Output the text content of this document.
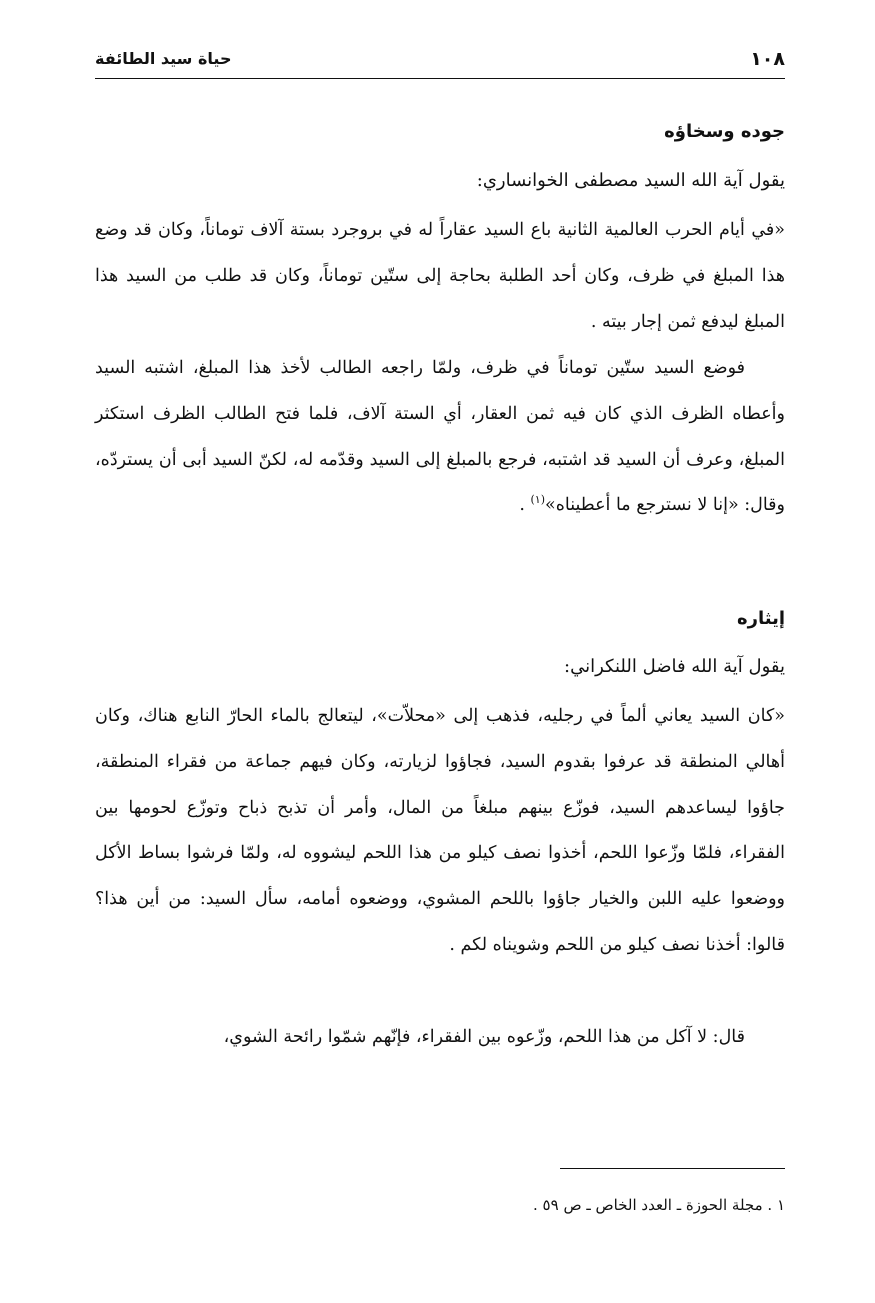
١٠٨
حياة سيد الطائفة
جوده وسخاؤه
يقول آية الله السيد مصطفى الخوانساري:

«في أيام الحرب العالمية الثانية باع السيد عقاراً له في بروجرد بستة آلاف توماناً، وكان قد وضع هذا المبلغ في ظرف، وكان أحد الطلبة بحاجة إلى ستّين توماناً، وكان قد طلب من السيد هذا المبلغ ليدفع ثمن إجار بيته .

فوضع السيد ستّين توماناً في ظرف، ولمّا راجعه الطالب لأخذ هذا المبلغ، اشتبه السيد وأعطاه الظرف الذي كان فيه ثمن العقار، أي الستة آلاف، فلما فتح الطالب الظرف استكثر المبلغ، وعرف أن السيد قد اشتبه، فرجع بالمبلغ إلى السيد وقدّمه له، لكنّ السيد أبى أن يستردّه، وقال: «إنا لا نسترجع ما أعطيناه»$^{(١)}$ .

إيثاره
يقول آية الله فاضل اللنكراني:

«كان السيد يعاني ألماً في رجليه، فذهب إلى «محلاّت»، ليتعالج بالماء الحارّ النابع هناك، وكان أهالي المنطقة قد عرفوا بقدوم السيد، فجاؤوا لزيارته، وكان فيهم جماعة من فقراء المنطقة، جاؤوا ليساعدهم السيد، فوزّع بينهم مبلغاً من المال، وأمر أن تذبح ذباح وتوزّع لحومها بين الفقراء، فلمّا وزّعوا اللحم، أخذوا نصف كيلو من هذا اللحم ليشووه له، ولمّا فرشوا بساط الأكل ووضعوا عليه اللبن والخيار جاؤوا باللحم المشوي، ووضعوه أمامه، سأل السيد: من أين هذا؟ قالوا: أخذنا نصف كيلو من اللحم وشويناه لكم .

قال: لا آكل من هذا اللحم، وزّعوه بين الفقراء، فإنّهم شمّوا رائحة الشوي،

١ . مجلة الحوزة ـ العدد الخاص ـ ص ٥٩ .
